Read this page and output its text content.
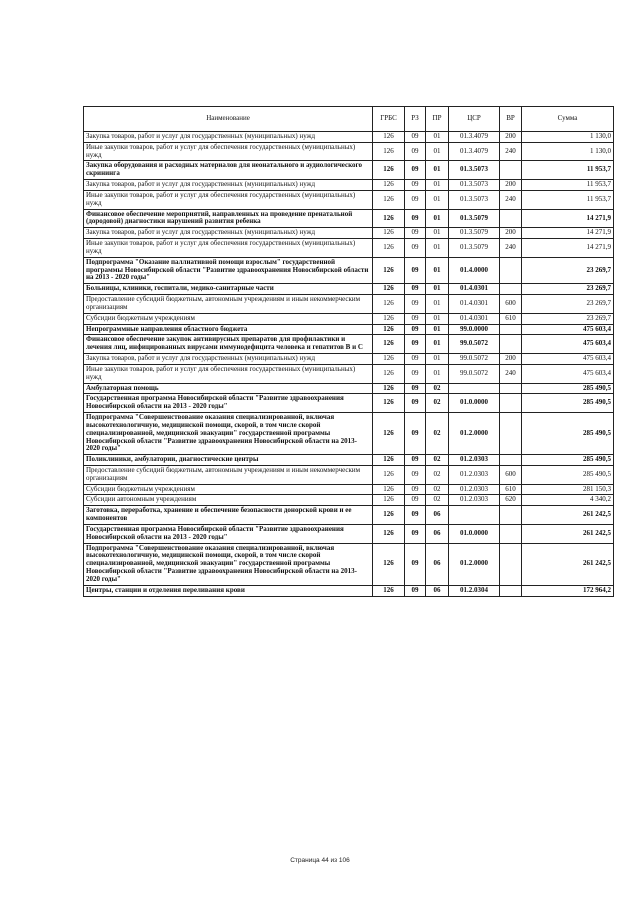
Наименование	ГРБС	РЗ	ПР	ЦСР	ВР	Сумма
Закупка товаров, работ и услуг для государственных (муниципальных) нужд	126	09	01	01.3.4079	200	1 130,0
Иные закупки товаров, работ и услуг для обеспечения государственных (муниципальных) нужд	126	09	01	01.3.4079	240	1 130,0
Закупка оборудования и расходных материалов для неонатального и аудиологического скрининга	126	09	01	01.3.5073		11 953,7
Закупка товаров, работ и услуг для государственных (муниципальных) нужд	126	09	01	01.3.5073	200	11 953,7
Иные закупки товаров, работ и услуг для обеспечения государственных (муниципальных) нужд	126	09	01	01.3.5073	240	11 953,7
Финансовое обеспечение мероприятий, направленных на проведение пренатальной (дородовой) диагностики нарушений развития ребенка	126	09	01	01.3.5079		14 271,9
Закупка товаров, работ и услуг для государственных (муниципальных) нужд	126	09	01	01.3.5079	200	14 271,9
Иные закупки товаров, работ и услуг для обеспечения государственных (муниципальных) нужд	126	09	01	01.3.5079	240	14 271,9
Подпрограмма "Оказание паллиативной помощи взрослым" государственной программы Новосибирской области "Развитие здравоохранения Новосибирской области на 2013 - 2020 годы"	126	09	01	01.4.0000		23 269,7
Больницы, клиники, госпитали, медико-санитарные части	126	09	01	01.4.0301		23 269,7
Предоставление субсидий бюджетным, автономным учреждениям и иным некоммерческим организациям	126	09	01	01.4.0301	600	23 269,7
Субсидии бюджетным учреждениям	126	09	01	01.4.0301	610	23 269,7
Непрограммные направления областного бюджета	126	09	01	99.0.0000		475 603,4
Финансовое обеспечение закупок антивирусных препаратов для профилактики и лечения лиц, инфицированных вирусами иммунодефицита человека и гепатитов В и С	126	09	01	99.0.5072		475 603,4
Закупка товаров, работ и услуг для государственных (муниципальных) нужд	126	09	01	99.0.5072	200	475 603,4
Иные закупки товаров, работ и услуг для обеспечения государственных (муниципальных) нужд	126	09	01	99.0.5072	240	475 603,4
Амбулаторная помощь	126	09	02			285 490,5
Государственная программа Новосибирской области "Развитие здравоохранения Новосибирской области на 2013 - 2020 годы"	126	09	02	01.0.0000		285 490,5
Подпрограмма "Совершенствование оказания специализированной, включая высокотехнологичную, медицинской помощи, скорой, в том числе скорой специализированной, медицинской эвакуации" государственной программы Новосибирской области "Развитие здравоохранения Новосибирской области на 2013-2020 годы"	126	09	02	01.2.0000		285 490,5
Поликлиники, амбулатории, диагностические центры	126	09	02	01.2.0303		285 490,5
Предоставление субсидий бюджетным, автономным учреждениям и иным некоммерческим организациям	126	09	02	01.2.0303	600	285 490,5
Субсидии бюджетным учреждениям	126	09	02	01.2.0303	610	281 150,3
Субсидии автономным учреждениям	126	09	02	01.2.0303	620	4 340,2
Заготовка, переработка, хранение и обеспечение безопасности донорской крови и ее компонентов	126	09	06			261 242,5
Государственная программа Новосибирской области "Развитие здравоохранения Новосибирской области на 2013 - 2020 годы"	126	09	06	01.0.0000		261 242,5
Подпрограмма "Совершенствование оказания специализированной, включая высокотехнологичную, медицинской помощи, скорой, в том числе скорой специализированной, медицинской эвакуации" государственной программы Новосибирской области "Развитие здравоохранения Новосибирской области на 2013-2020 годы"	126	09	06	01.2.0000		261 242,5
Центры, станции и отделения переливания крови	126	09	06	01.2.0304		172 964,2
Страница 44 из 106
